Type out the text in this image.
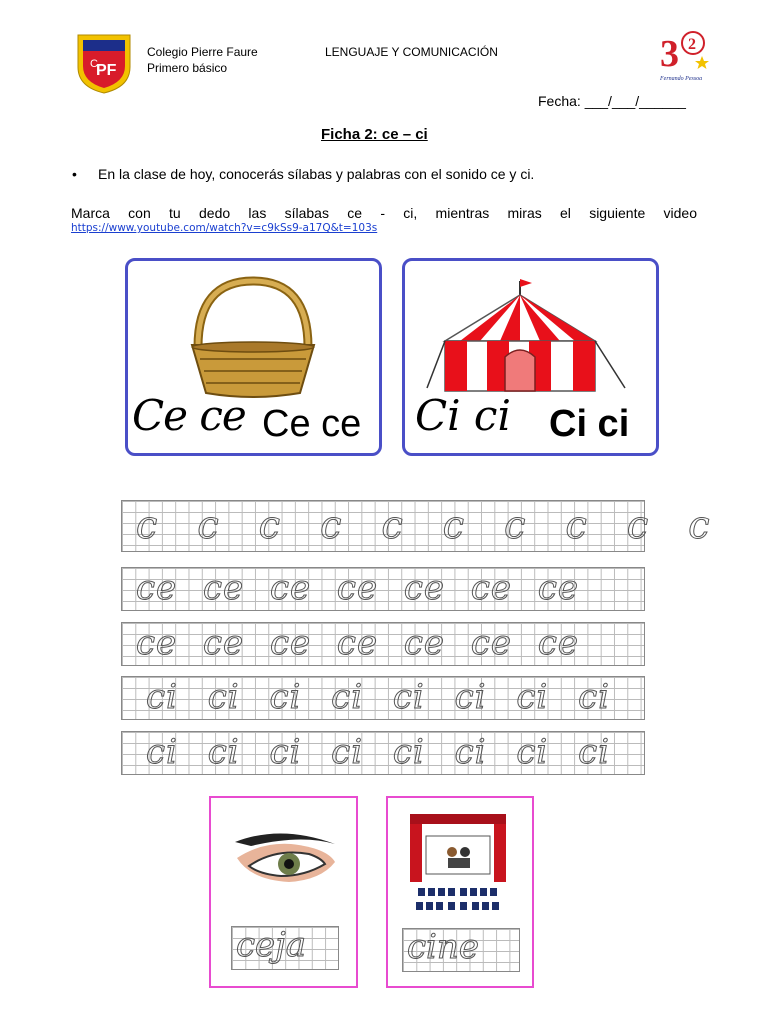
C
PF
Colegio Pierre Faure
Primero básico
LENGUAJE Y COMUNICACIÓN	3 2
Fernando Pessoa
Fecha: ___/___/______
Ficha 2: ce – ci
• En la clase de hoy, conocerás sílabas y palabras con el sonido ce y ci.
Marca con tu dedo las sílabas ce - ci, mientras miras el siguiente video
https://www.youtube.com/watch?v=c9kSs9-a17Q&t=103s
Ce ce Ce ce Ci ci Ci ci
c c c c c c c c c c
ce ce ce ce ce ce ce
ce ce ce ce ce ce ce
ci ci ci ci ci ci ci ci
ci ci ci ci ci ci ci ci
ceja	cine
